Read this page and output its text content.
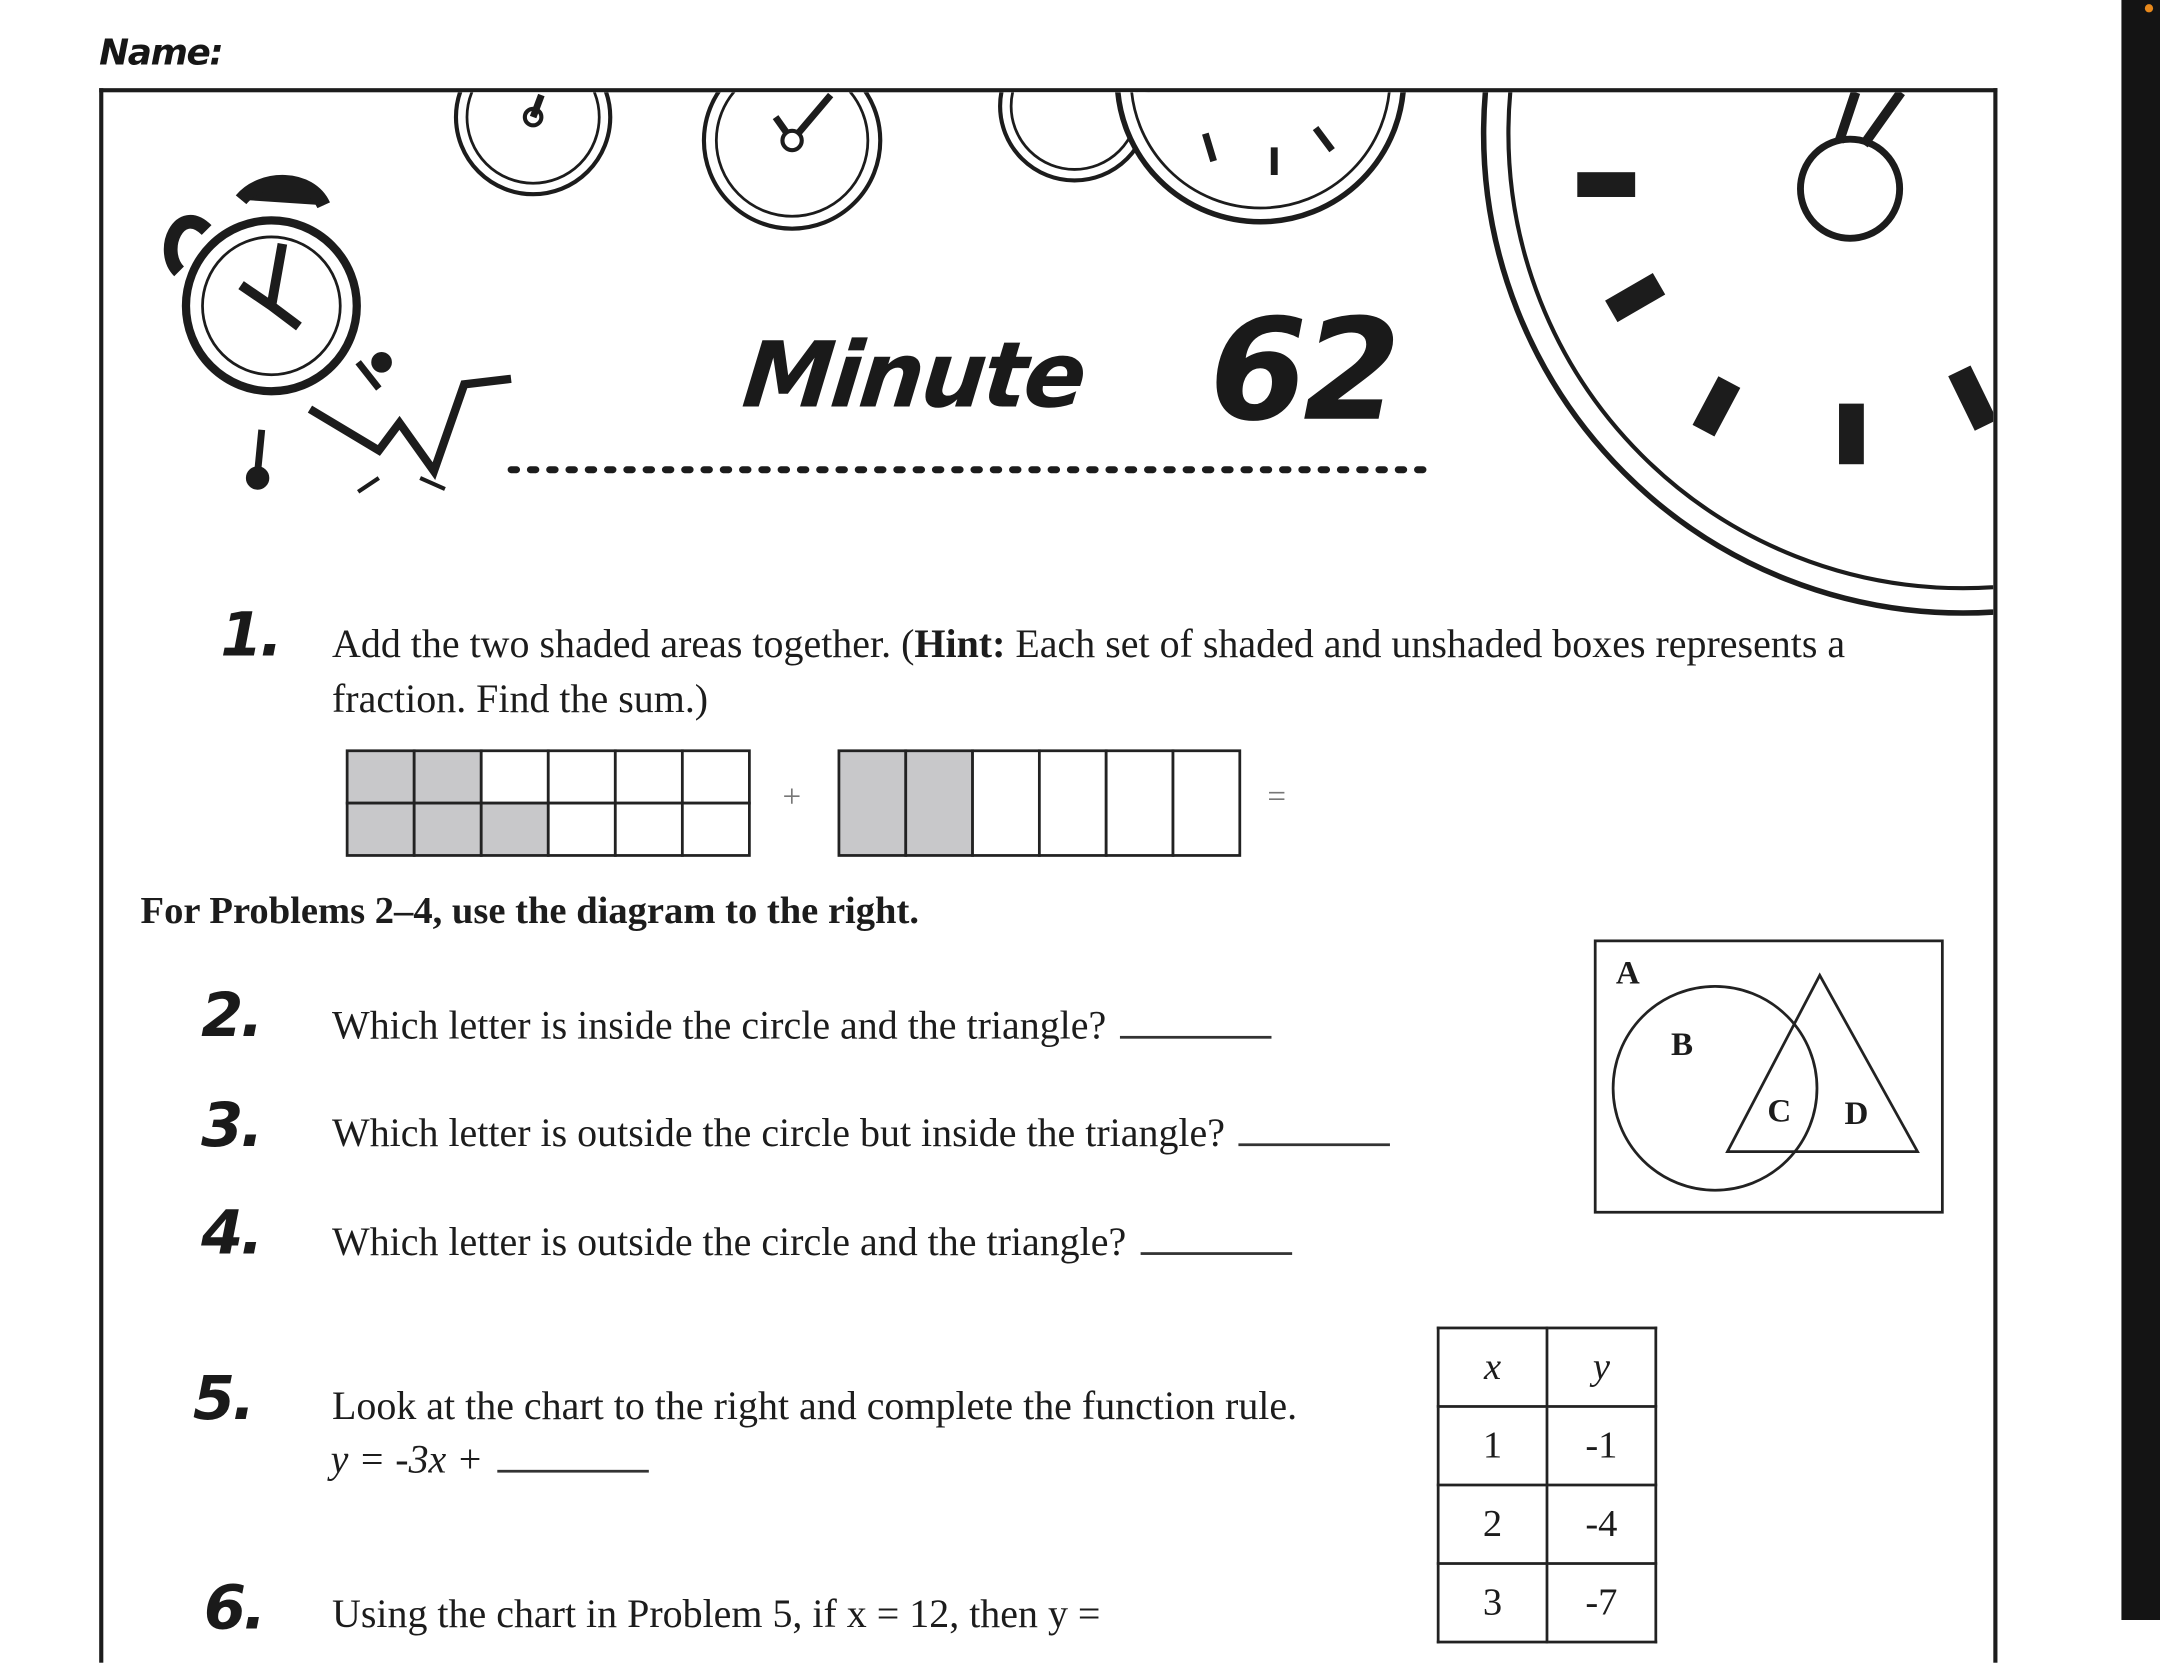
Name:
Minute 62
1. Add the two shaded areas together. (Hint: Each set of shaded and unshaded boxes represents a fraction. Find the sum.)
+	=
For Problems 2–4, use the diagram to the right.
2. Which letter is inside the circle and the triangle?
3. Which letter is outside the circle but inside the triangle?
4. Which letter is outside the circle and the triangle?
A
B
C D
5.	Look at the chart to the right and complete the function rule.
y = -3x +
x	y
1	-1
2	-4
3	-7
6. Using the chart in Problem 5, if x = 12, then y =
